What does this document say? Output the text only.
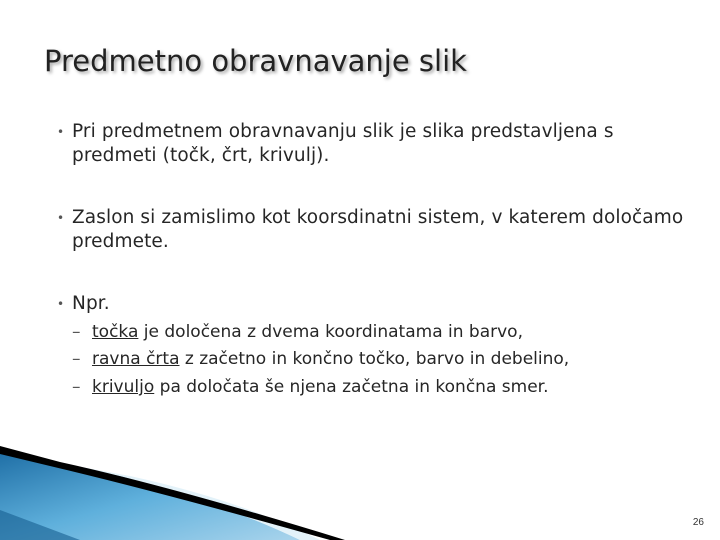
Predmetno obravnavanje slik
• Pri predmetnem obravnavanju slik je slika predstavljena s predmeti (točk, črt, krivulj).
• Zaslon si zamislimo kot koorsdinatni sistem, v katerem določamo predmete.
• Npr.
– točka je določena z dvema koordinatama in barvo,
– ravna črta z začetno in končno točko, barvo in debelino,
– krivuljo pa določata še njena začetna in končna smer.
26
